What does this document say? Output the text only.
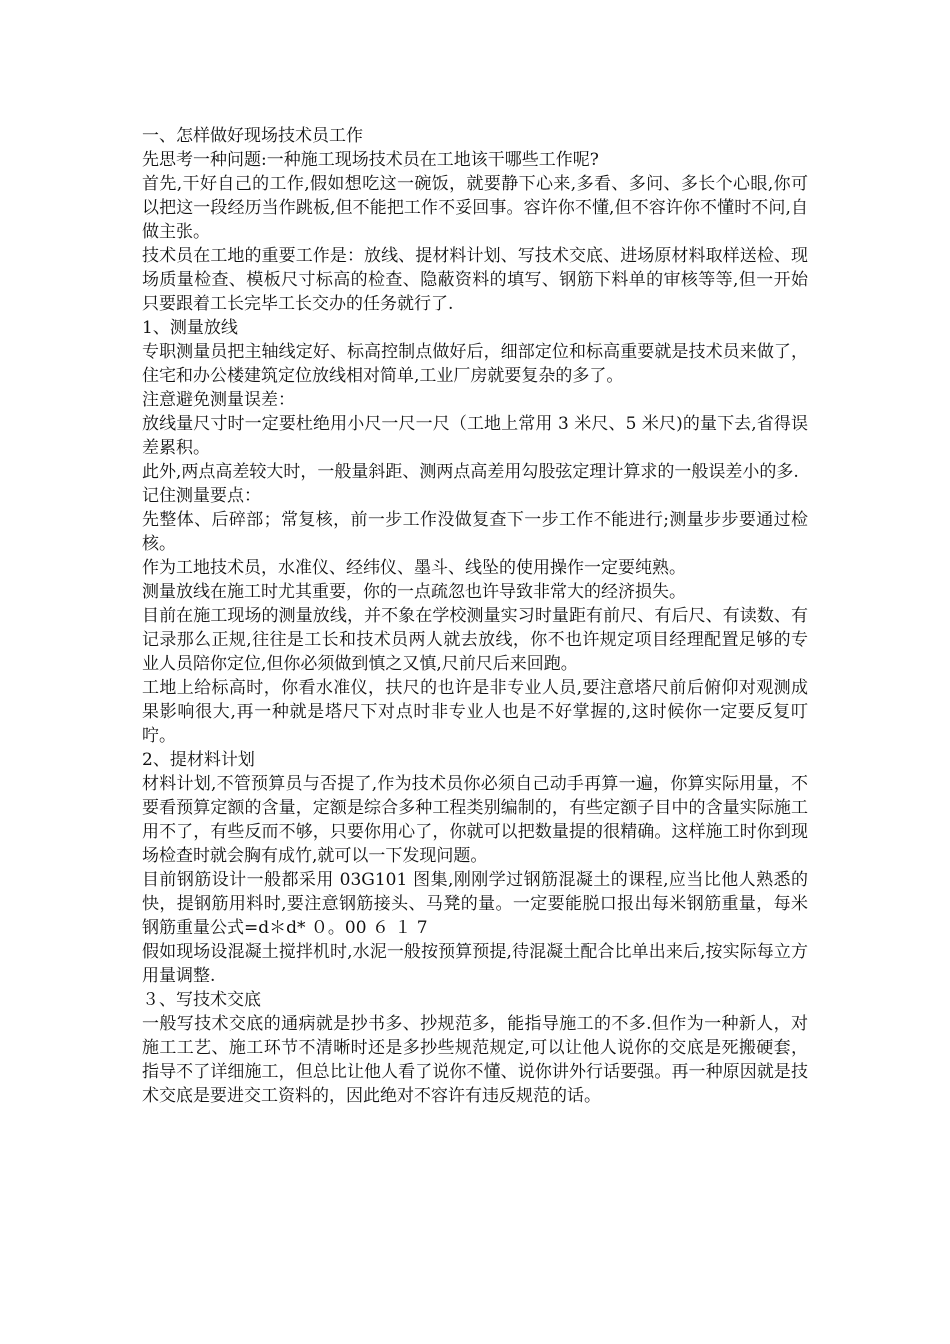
一、怎样做好现场技术员工作

先思考一种问题:一种施工现场技术员在工地该干哪些工作呢?

首先,干好自己的工作,假如想吃这一碗饭，就要静下心来,多看、多问、多长个心眼,你可以把这一段经历当作跳板,但不能把工作不妥回事。容许你不懂,但不容许你不懂时不问,自做主张。

技术员在工地的重要工作是：放线、提材料计划、写技术交底、进场原材料取样送检、现场质量检查、模板尺寸标高的检查、隐蔽资料的填写、钢筋下料单的审核等等,但一开始只要跟着工长完毕工长交办的任务就行了.

1、测量放线

专职测量员把主轴线定好、标高控制点做好后，细部定位和标高重要就是技术员来做了，住宅和办公楼建筑定位放线相对简单,工业厂房就要复杂的多了。

注意避免测量误差：

放线量尺寸时一定要杜绝用小尺一尺一尺（工地上常用 3 米尺、5 米尺)的量下去,省得误差累积。

此外,两点高差较大时，一般量斜距、测两点高差用勾股弦定理计算求的一般误差小的多.

记住测量要点：

先整体、后碎部；常复核，前一步工作没做复查下一步工作不能进行;测量步步要通过检核。

作为工地技术员，水准仪、经纬仪、墨斗、线坠的使用操作一定要纯熟。

测量放线在施工时尤其重要，你的一点疏忽也许导致非常大的经济损失。

目前在施工现场的测量放线，并不象在学校测量实习时量距有前尺、有后尺、有读数、有记录那么正规,往往是工长和技术员两人就去放线，你不也许规定项目经理配置足够的专业人员陪你定位,但你必须做到慎之又慎,尺前尺后来回跑。

工地上给标高时，你看水准仪，扶尺的也许是非专业人员,要注意塔尺前后俯仰对观测成果影响很大,再一种就是塔尺下对点时非专业人也是不好掌握的,这时候你一定要反复叮咛。

2、提材料计划

材料计划,不管预算员与否提了,作为技术员你必须自己动手再算一遍，你算实际用量，不要看预算定额的含量，定额是综合多种工程类别编制的，有些定额子目中的含量实际施工用不了，有些反而不够，只要你用心了，你就可以把数量提的很精确。这样施工时你到现场检查时就会胸有成竹,就可以一下发现问题。

目前钢筋设计一般都采用 03G101 图集,刚刚学过钢筋混凝土的课程,应当比他人熟悉的快，提钢筋用料时,要注意钢筋接头、马凳的量。一定要能脱口报出每米钢筋重量，每米钢筋重量公式=d＊d* ０。00 ６ １ 7

假如现场设混凝土搅拌机时,水泥一般按预算预提,待混凝土配合比单出来后,按实际每立方用量调整.

３、写技术交底

一般写技术交底的通病就是抄书多、抄规范多，能指导施工的不多.但作为一种新人，对施工工艺、施工环节不清晰时还是多抄些规范规定,可以让他人说你的交底是死搬硬套，指导不了详细施工，但总比让他人看了说你不懂、说你讲外行话要强。再一种原因就是技术交底是要进交工资料的，因此绝对不容许有违反规范的话。
